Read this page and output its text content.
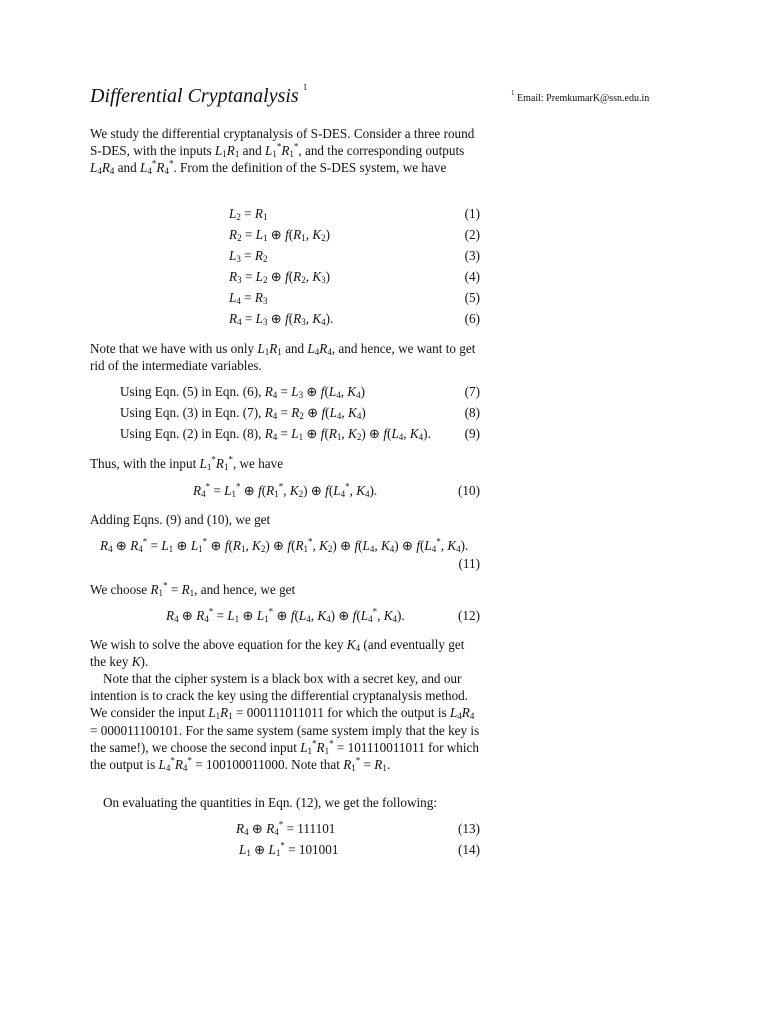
Differential Cryptanalysis $^1$
$^1$ Email: PremkumarK@ssn.edu.in
We study the differential cryptanalysis of S-DES. Consider a three round S-DES, with the inputs $L_1R_1$ and $L_1^*R_1^*$, and the corresponding outputs $L_4R_4$ and $L_4^*R_4^*$. From the definition of the S-DES system, we have
$L_2 = R_1$	(1)
$R_2 = L_1$ ⊕ $f(R_1$, $K_2$)	(2)
$L_3 = R_2$	(3)
$R_3 = L_2$ ⊕ $f(R_2$, $K_3$)	(4)
$L_4 = R_3$	(5)
$R_4 = L_3$ ⊕ $f(R_3$, $K_4$).	(6)
Note that we have with us only $L_1R_1$ and $L_4R_4$, and hence, we want to get rid of the intermediate variables.
Using Eqn. (5) in Eqn. (6), $R_4 = L_3$ ⊕ $f(L_4$, $K_4$)	(7)
Using Eqn. (3) in Eqn. (7), $R_4 = R_2$ ⊕ $f(L_4$, $K_4$)	(8)
Using Eqn. (2) in Eqn. (8), $R_4 = L_1$ ⊕ $f(R_1$, $K_2$) ⊕ $f(L_4$, $K_4$).	(9)
Thus, with the input $L_1^*R_1^*$, we have
$R_4^* = L_1^*$ ⊕ $f(R_1^*$, $K_2$) ⊕ $f(L_4^*$, $K_4$).	(10)
Adding Eqns. (9) and (10), we get
$R_4$ ⊕ $R_4^* = L_1$ ⊕ $L_1^*$ ⊕ $f(R_1$, $K_2$) ⊕ $f(R_1^*$, $K_2$) ⊕ $f(L_4$, $K_4$) ⊕ $f(L_4^*$, $K_4$).
(11)
We choose $R_1^* = R_1$, and hence, we get
$R_4$ ⊕ $R_4^* = L_1$ ⊕ $L_1^*$ ⊕ $f(L_4$, $K_4$) ⊕ $f(L_4^*$, $K_4$).	(12)
We wish to solve the above equation for the key $K_4$ (and eventually get the key K).
Note that the cipher system is a black box with a secret key, and our intention is to crack the key using the differential cryptanalysis method. We consider the input $L_1R_1 = 000111011011$ for which the output is $L_4R_4 = 000011100101$. For the same system (same system imply that the key is the same!), we choose the second input $L_1^*R_1^* = 101110011011$ for which the output is $L_4^*R_4^* = 100100011000$. Note that $R_1^* = R_1$.
On evaluating the quantities in Eqn. (12), we get the following:
$R_4$ ⊕ $R_4^* = 111101$	(13)
$L_1$ ⊕ $L_1^* = 101001$	(14)
